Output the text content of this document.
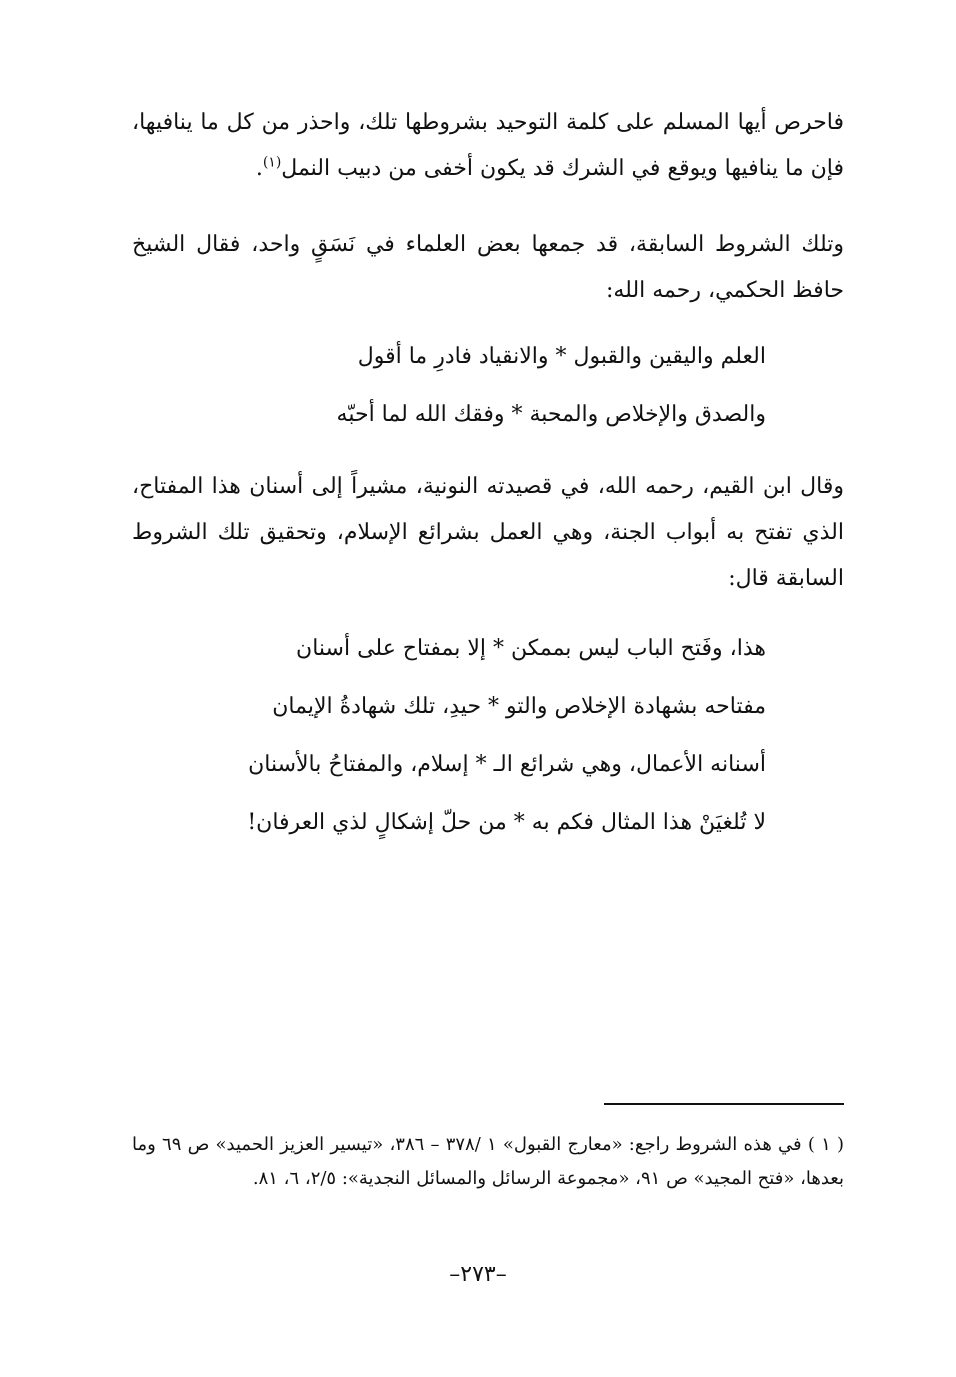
فاحرص أيها المسلم على كلمة التوحيد بشروطها تلك، واحذر من كل ما ينافيها، فإن ما ينافيها ويوقع في الشرك قد يكون أخفى من دبيب النمل$^{(١)}$.

وتلك الشروط السابقة، قد جمعها بعض العلماء في نَسَقٍ واحد، فقال الشيخ حافظ الحكمي، رحمه الله:

العلم واليقين والقبول * والانقياد فادرِ ما أقول
والصدق والإخلاص والمحبة * وفقك الله لما أحبّه

وقال ابن القيم، رحمه الله، في قصيدته النونية، مشيراً إلى أسنان هذا المفتاح، الذي تفتح به أبواب الجنة، وهي العمل بشرائع الإسلام، وتحقيق تلك الشروط السابقة قال:

هذا، وفَتح الباب ليس بممكن * إلا بمفتاح على أسنان
مفتاحه بشهادة الإخلاص والتو * حيدِ، تلك شهادةُ الإيمان
أسنانه الأعمال، وهي شرائع الـ * إسلام، والمفتاحُ بالأسنان
لا تُلغيَنْ هذا المثال فكم به * من حلّ إشكالٍ لذي العرفان!

( ١ ) في هذه الشروط راجع: «معارج القبول» ١ /٣٧٨ – ٣٨٦، «تيسير العزيز الحميد» ص ٦٩ وما بعدها، «فتح المجيد» ص ٩١، «مجموعة الرسائل والمسائل النجدية»: ٢/٥، ٦، ٨١.

–٢٧٣–
